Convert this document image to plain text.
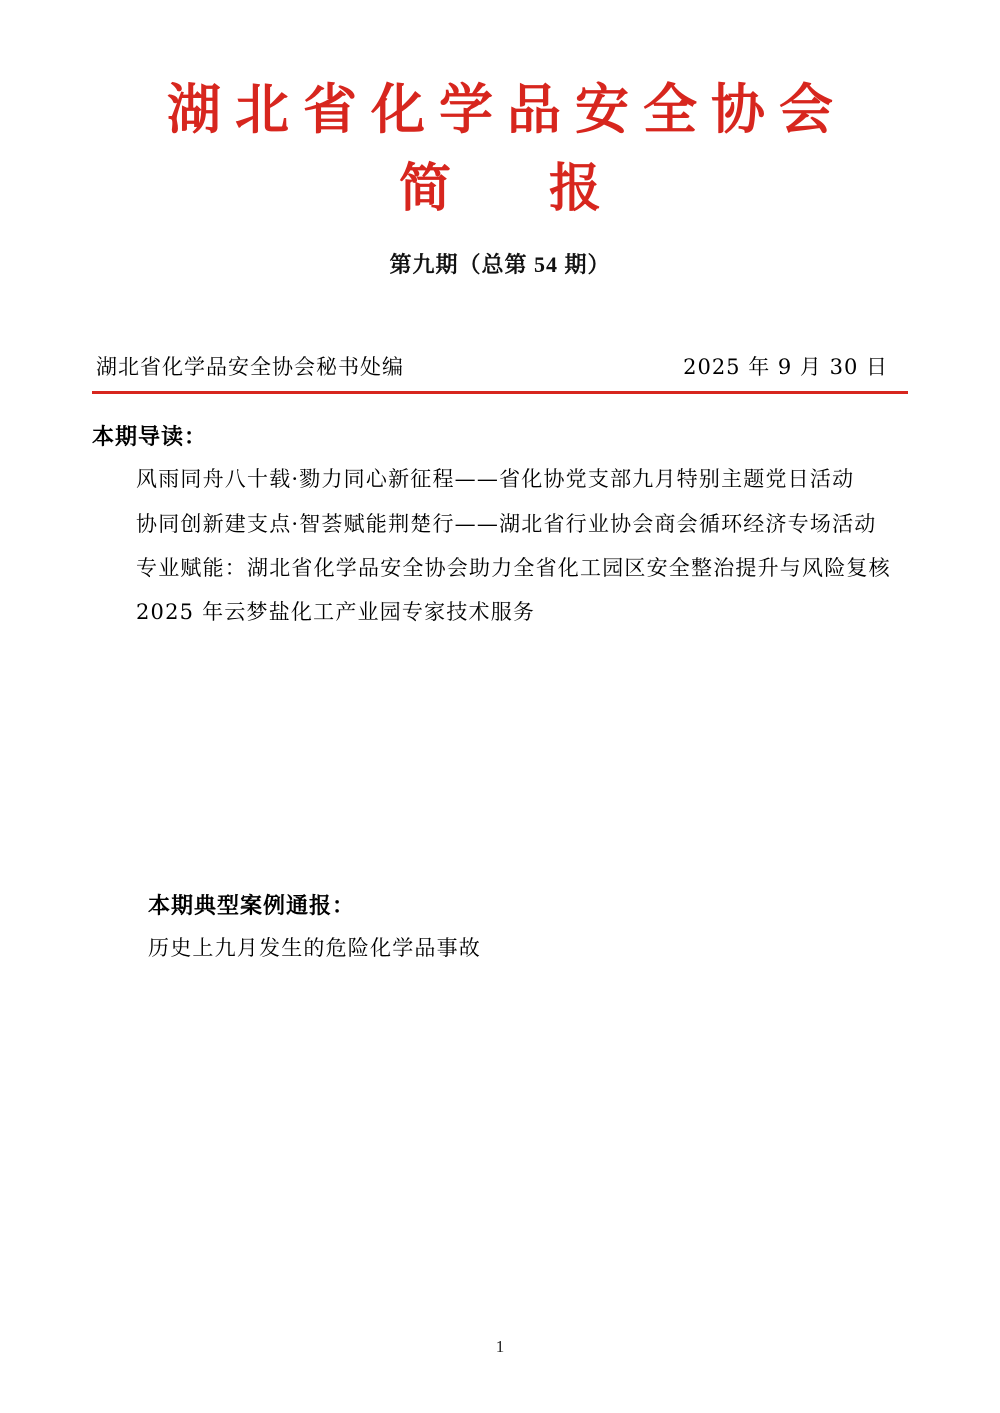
湖北省化学品安全协会
简 报
第九期（总第 54 期）
湖北省化学品安全协会秘书处编	2025 年 9 月 30 日
本期导读：

风雨同舟八十载·勠力同心新征程——省化协党支部九月特别主题党日活动

协同创新建支点·智荟赋能荆楚行——湖北省行业协会商会循环经济专场活动

专业赋能：湖北省化学品安全协会助力全省化工园区安全整治提升与风险复核

2025 年云梦盐化工产业园专家技术服务

本期典型案例通报：

历史上九月发生的危险化学品事故

1
